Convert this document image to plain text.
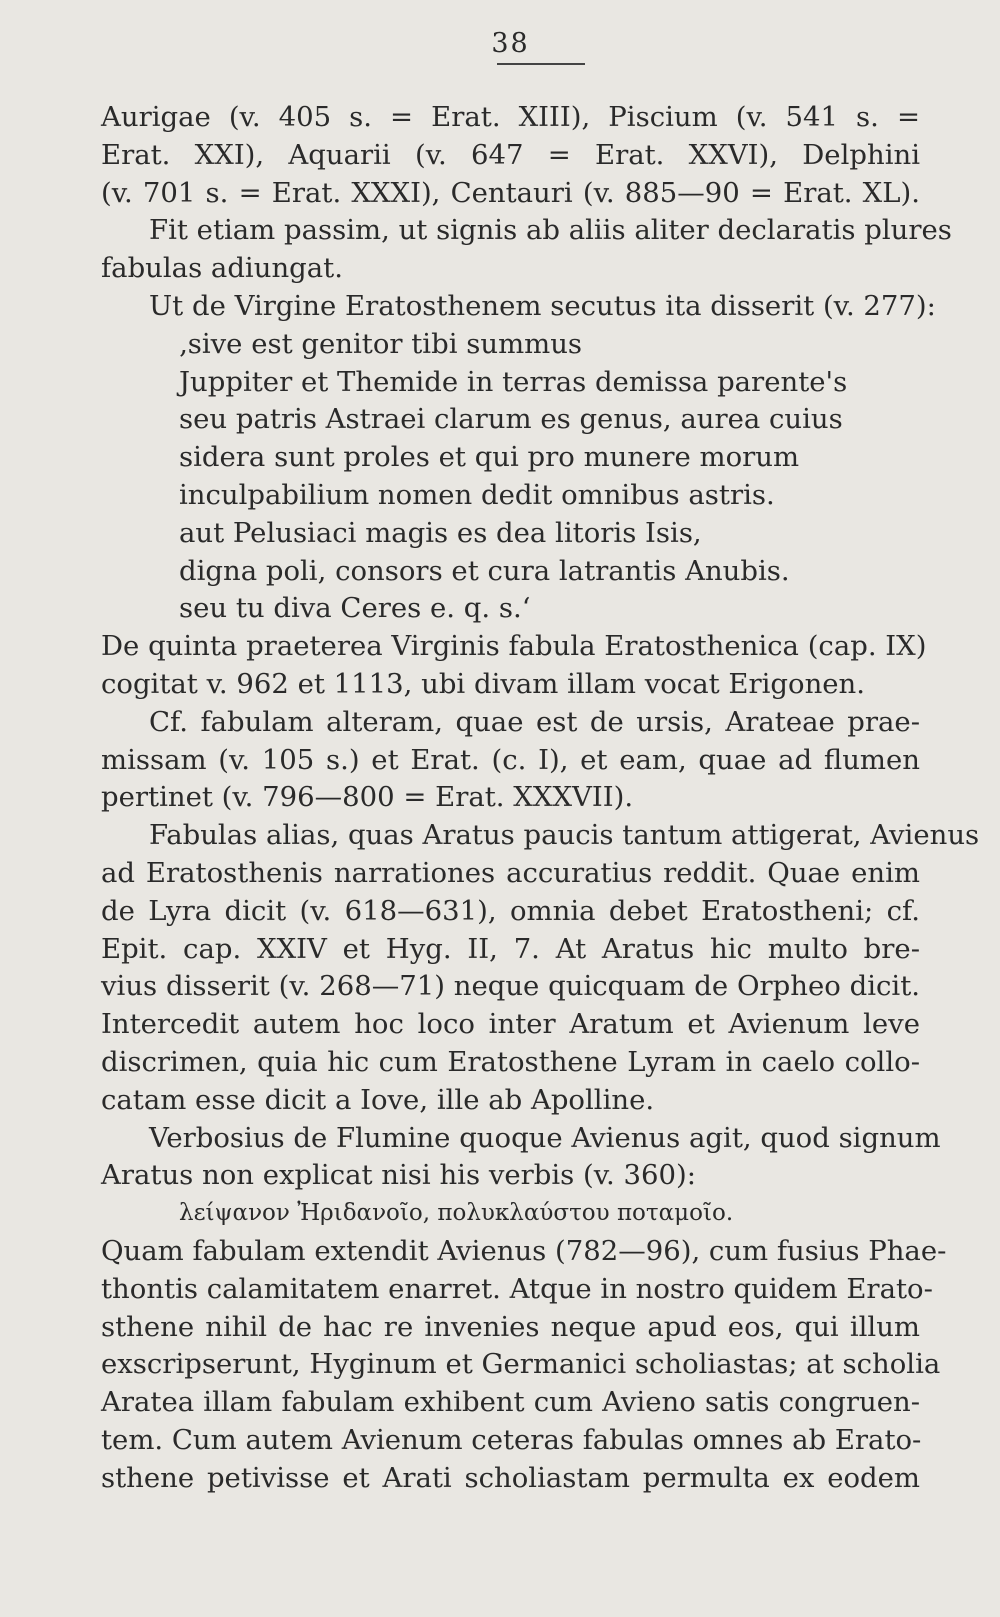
38
Aurigae (v. 405 s. = Erat. XIII), Piscium (v. 541 s. =
Erat. XXI), Aquarii (v. 647 = Erat. XXVI), Delphini
(v. 701 s. = Erat. XXXI), Centauri (v. 885—90 = Erat. XL).
Fit etiam passim, ut signis ab aliis aliter declaratis plures
fabulas adiungat.
Ut de Virgine Eratosthenem secutus ita disserit (v. 277):
‚sive est genitor tibi summus
Juppiter et Themide in terras demissa parente's
seu patris Astraei clarum es genus, aurea cuius
sidera sunt proles et qui pro munere morum
inculpabilium nomen dedit omnibus astris.
aut Pelusiaci magis es dea litoris Isis,
digna poli, consors et cura latrantis Anubis.
seu tu diva Ceres e. q. s.‘
De quinta praeterea Virginis fabula Eratosthenica (cap. IX)
cogitat v. 962 et 1113, ubi divam illam vocat Erigonen.
Cf. fabulam alteram, quae est de ursis, Arateae prae-
missam (v. 105 s.) et Erat. (c. I), et eam, quae ad flumen
pertinet (v. 796—800 = Erat. XXXVII).
Fabulas alias, quas Aratus paucis tantum attigerat, Avienus
ad Eratosthenis narrationes accuratius reddit. Quae enim
de Lyra dicit (v. 618—631), omnia debet Eratostheni; cf.
Epit. cap. XXIV et Hyg. II, 7. At Aratus hic multo bre-
vius disserit (v. 268—71) neque quicquam de Orpheo dicit.
Intercedit autem hoc loco inter Aratum et Avienum leve
discrimen, quia hic cum Eratosthene Lyram in caelo collo-
catam esse dicit a Iove, ille ab Apolline.
Verbosius de Flumine quoque Avienus agit, quod signum
Aratus non explicat nisi his verbis (v. 360):
λείψανον Ἠριδανοῖο, πολυκλαύστου ποταμοῖο.
Quam fabulam extendit Avienus (782—96), cum fusius Phae-
thontis calamitatem enarret. Atque in nostro quidem Erato-
sthene nihil de hac re invenies neque apud eos, qui illum
exscripserunt, Hyginum et Germanici scholiastas; at scholia
Aratea illam fabulam exhibent cum Avieno satis congruen-
tem. Cum autem Avienum ceteras fabulas omnes ab Erato-
sthene petivisse et Arati scholiastam permulta ex eodem
